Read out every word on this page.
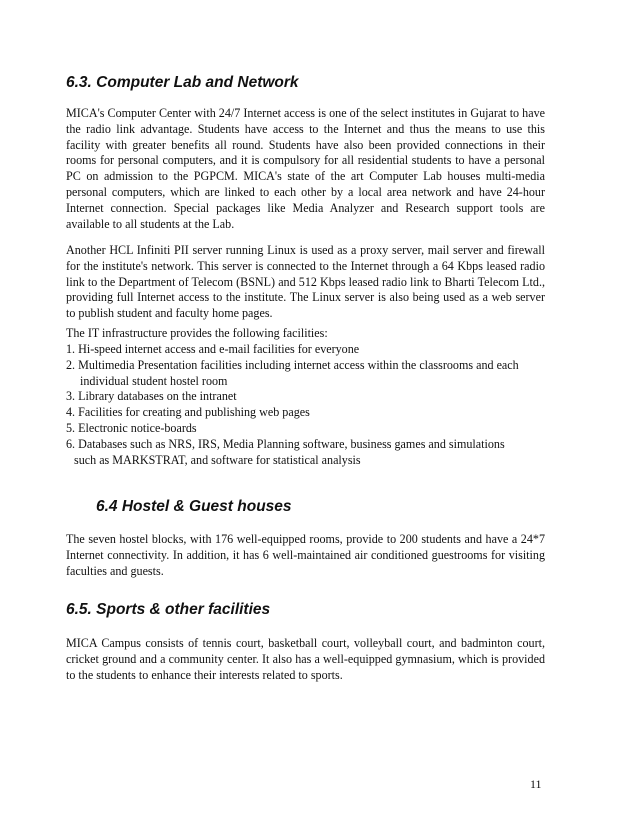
6.3. Computer Lab and Network

MICA's Computer Center with 24/7 Internet access is one of the select institutes in Gujarat to have the radio link advantage. Students have access to the Internet and thus the means to use this facility with greater benefits all round. Students have also been provided connections in their rooms for personal computers, and it is compulsory for all residential students to have a personal PC on admission to the PGPCM. MICA's state of the art Computer Lab houses multi-media personal computers, which are linked to each other by a local area network and have 24-hour Internet connection. Special packages like Media Analyzer and Research support tools are available to all students at the Lab.

Another HCL Infiniti PII server running Linux is used as a proxy server, mail server and firewall for the institute's network. This server is connected to the Internet through a 64 Kbps leased radio link to the Department of Telecom (BSNL) and 512 Kbps leased radio link to Bharti Telecom Ltd., providing full Internet access to the institute. The Linux server is also being used as a web server to publish student and faculty home pages.

The IT infrastructure provides the following facilities:

1. Hi-speed internet access and e-mail facilities for everyone
2. Multimedia Presentation facilities including internet access within the classrooms and each
individual student hostel room
3. Library databases on the intranet
4. Facilities for creating and publishing web pages
5. Electronic notice-boards
6. Databases such as NRS, IRS, Media Planning software, business games and simulations
such as MARKSTRAT, and software for statistical analysis
6.4 Hostel & Guest houses

The seven hostel blocks, with 176 well-equipped rooms, provide to 200 students and have a 24*7 Internet connectivity. In addition, it has 6 well-maintained air conditioned guestrooms for visiting faculties and guests.

6.5. Sports & other facilities

MICA Campus consists of tennis court, basketball court, volleyball court, and badminton court, cricket ground and a community center. It also has a well-equipped gymnasium, which is provided to the students to enhance their interests related to sports.

11
